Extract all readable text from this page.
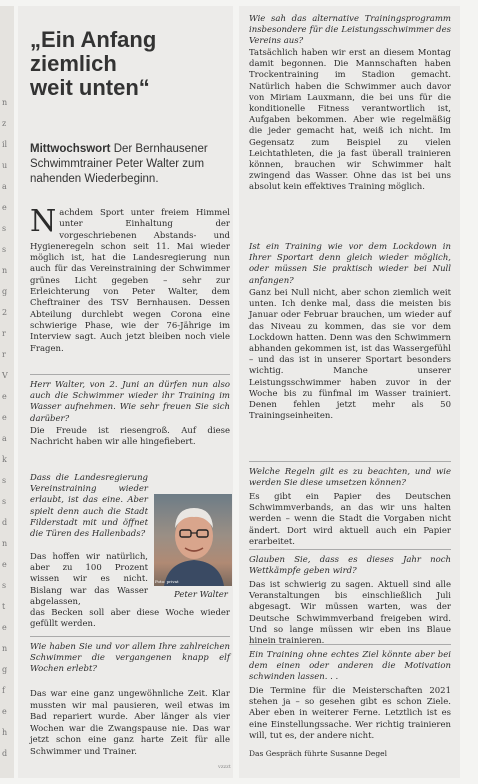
n
z
il
u
a
e
s
s
n
g
2
r
r
V
e
e
a
k
s
s
d
n
e
s
t
e
n
g
f
e
h
d
„Ein Anfang
ziemlich
weit unten“
Mittwochswort Der Bernhausener Schwimmtrainer Peter Walter zum nahenden Wiederbeginn.
Nachdem Sport unter freiem Himmel unter Einhaltung der vorgeschriebenen Abstands- und Hygieneregeln schon seit 11. Mai wieder möglich ist, hat die Landesregierung nun auch für das Vereinstraining der Schwimmer grünes Licht gegeben – sehr zur Erleichterung von Peter Walter, dem Cheftrainer des TSV Bernhausen. Dessen Abteilung durchlebt wegen Corona eine schwierige Phase, wie der 76-Jährige im Interview sagt. Auch jetzt bleiben noch viele Fragen.
Herr Walter, von 2. Juni an dürfen nun also auch die Schwimmer wieder ihr Training im Wasser aufnehmen. Wie sehr freuen Sie sich darüber?
Die Freude ist riesengroß. Auf diese Nachricht haben wir alle hingefiebert.
Dass die Landesregierung Vereinstraining wieder erlaubt, ist das eine. Aber spielt denn auch die Stadt Filderstadt mit und öffnet die Türen des Hallenbads?
Das hoffen wir natürlich, aber zu 100 Prozent wissen wir es nicht. Bislang war das Wasser abgelassen,
Foto: privat
Peter Walter
das Becken soll aber diese Woche wieder gefüllt werden.
Wie haben Sie und vor allem Ihre zahlreichen Schwimmer die vergangenen knapp elf Wochen erlebt?
Das war eine ganz ungewöhnliche Zeit. Klar mussten wir mal pausieren, weil etwas im Bad repariert wurde. Aber länger als vier Wochen war die Zwangspause nie. Das war jetzt schon eine ganz harte Zeit für alle Schwimmer und Trainer.
vzzzt
Wie sah das alternative Trainingsprogramm insbesondere für die Leistungsschwimmer des Vereins aus?
Tatsächlich haben wir erst an diesem Montag damit begonnen. Die Mannschaften haben Trockentraining im Stadion gemacht. Natürlich haben die Schwimmer auch davor von Miriam Lauxmann, die bei uns für die konditionelle Fitness verantwortlich ist, Aufgaben bekommen. Aber wie regelmäßig die jeder gemacht hat, weiß ich nicht. Im Gegensatz zum Beispiel zu vielen Leichtathleten, die ja fast überall trainieren können, brauchen wir Schwimmer halt zwingend das Wasser. Ohne das ist bei uns absolut kein effektives Training möglich.
Ist ein Training wie vor dem Lockdown in Ihrer Sportart denn gleich wieder möglich, oder müssen Sie praktisch wieder bei Null anfangen?
Ganz bei Null nicht, aber schon ziemlich weit unten. Ich denke mal, dass die meisten bis Januar oder Februar brauchen, um wieder auf das Niveau zu kommen, das sie vor dem Lockdown hatten. Denn was den Schwimmern abhanden gekommen ist, ist das Wassergefühl – und das ist in unserer Sportart besonders wichtig. Manche unserer Leistungsschwimmer haben zuvor in der Woche bis zu fünfmal im Wasser trainiert. Denen fehlen jetzt mehr als 50 Trainingseinheiten.
Welche Regeln gilt es zu beachten, und wie werden Sie diese umsetzen können?
Es gibt ein Papier des Deutschen Schwimmverbands, an das wir uns halten werden – wenn die Stadt die Vorgaben nicht ändert. Dort wird aktuell auch ein Papier erarbeitet.
Glauben Sie, dass es dieses Jahr noch Wettkämpfe geben wird?
Das ist schwierig zu sagen. Aktuell sind alle Veranstaltungen bis einschließlich Juli abgesagt. Wir müssen warten, was der Deutsche Schwimmverband freigeben wird. Und so lange müssen wir eben ins Blaue hinein trainieren.
Ein Training ohne echtes Ziel könnte aber bei dem einen oder anderen die Motivation schwinden lassen. . .
Die Termine für die Meisterschaften 2021 stehen ja – so gesehen gibt es schon Ziele. Aber eben in weiterer Ferne. Letztlich ist es eine Einstellungssache. Wer richtig trainieren will, tut es, der andere nicht.
Das Gespräch führte Susanne Degel
